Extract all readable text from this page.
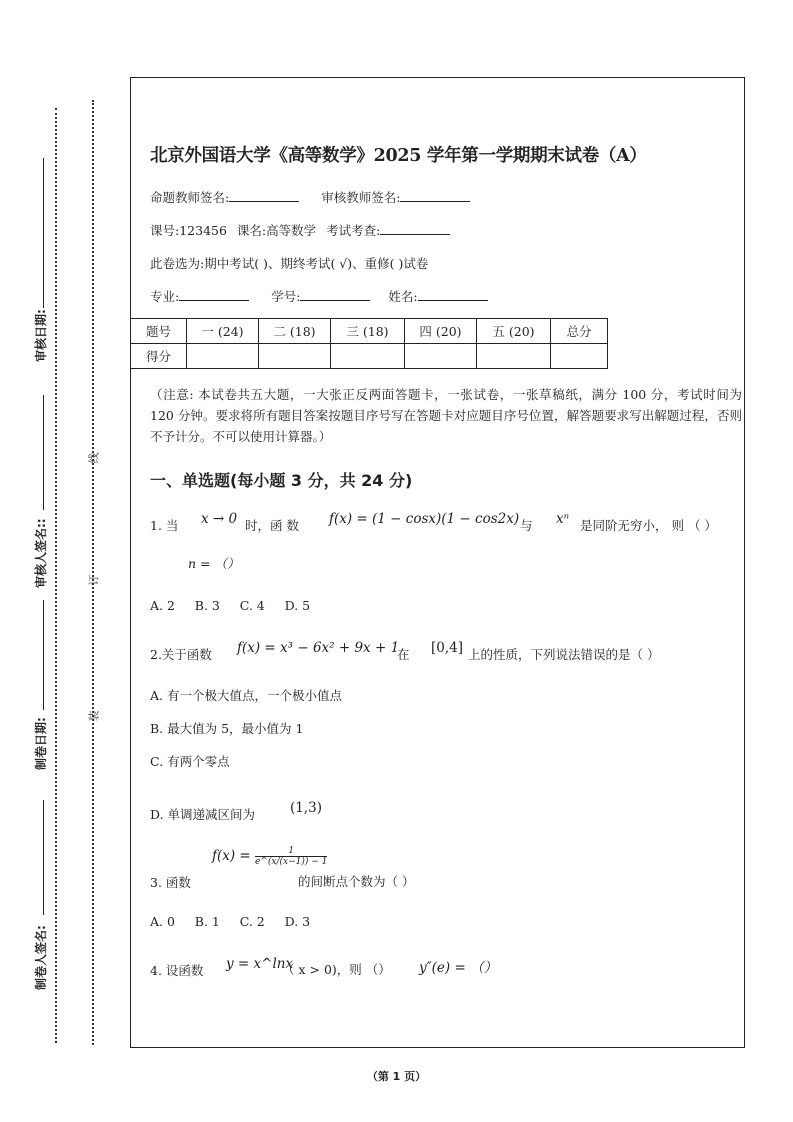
审核日期:
审核人签名::
制卷日期:
制卷人签名:
线
订
装
北京外国语大学《高等数学》2025 学年第一学期期末试卷（A）
命题教师签名:	审核教师签名:
课号:123456 课名:高等数学 考试考查:
此卷选为:期中考试( )、期终考试( √)、重修( )试卷
专业:	学号:	姓名:
题号	一 (24)	二 (18)	三 (18)	四 (20)	五 (20)	总分
得分						
（注意: 本试卷共五大题，一大张正反两面答题卡，一张试卷，一张草稿纸，满分 100 分，考试时间为 120 分钟。要求将所有题目答案按题目序号写在答题卡对应题目序号位置，解答题要求写出解题过程，否则不予计分。不可以使用计算器。）
一、单选题(每小题 3 分，共 24 分)
1. 当 x → 0 时，函 数 f(x) = (1 − cosx)(1 − cos2x) 与 xⁿ 是同阶无穷小， 则 （ ）
n = （）
A. 2     B. 3     C. 4     D. 5
2.关于函数 f(x) = x³ − 6x² + 9x + 1
在 [0,4] 上的性质，下列说法错误的是（ ）
A. 有一个极大值点，一个极小值点
B. 最大值为 5，最小值为 1
C. 有两个零点
D. 单调递减区间为	(1,3)
3. 函数
$f(x) = \frac{1}{e\^{}(x/(x-1)) - 1}$
的间断点个数为（ ）
A. 0     B. 1     C. 2     D. 3
4. 设函数 y = x^lnx
（ x > 0)，则 （） y″(e) = （）
（第 1 页）
